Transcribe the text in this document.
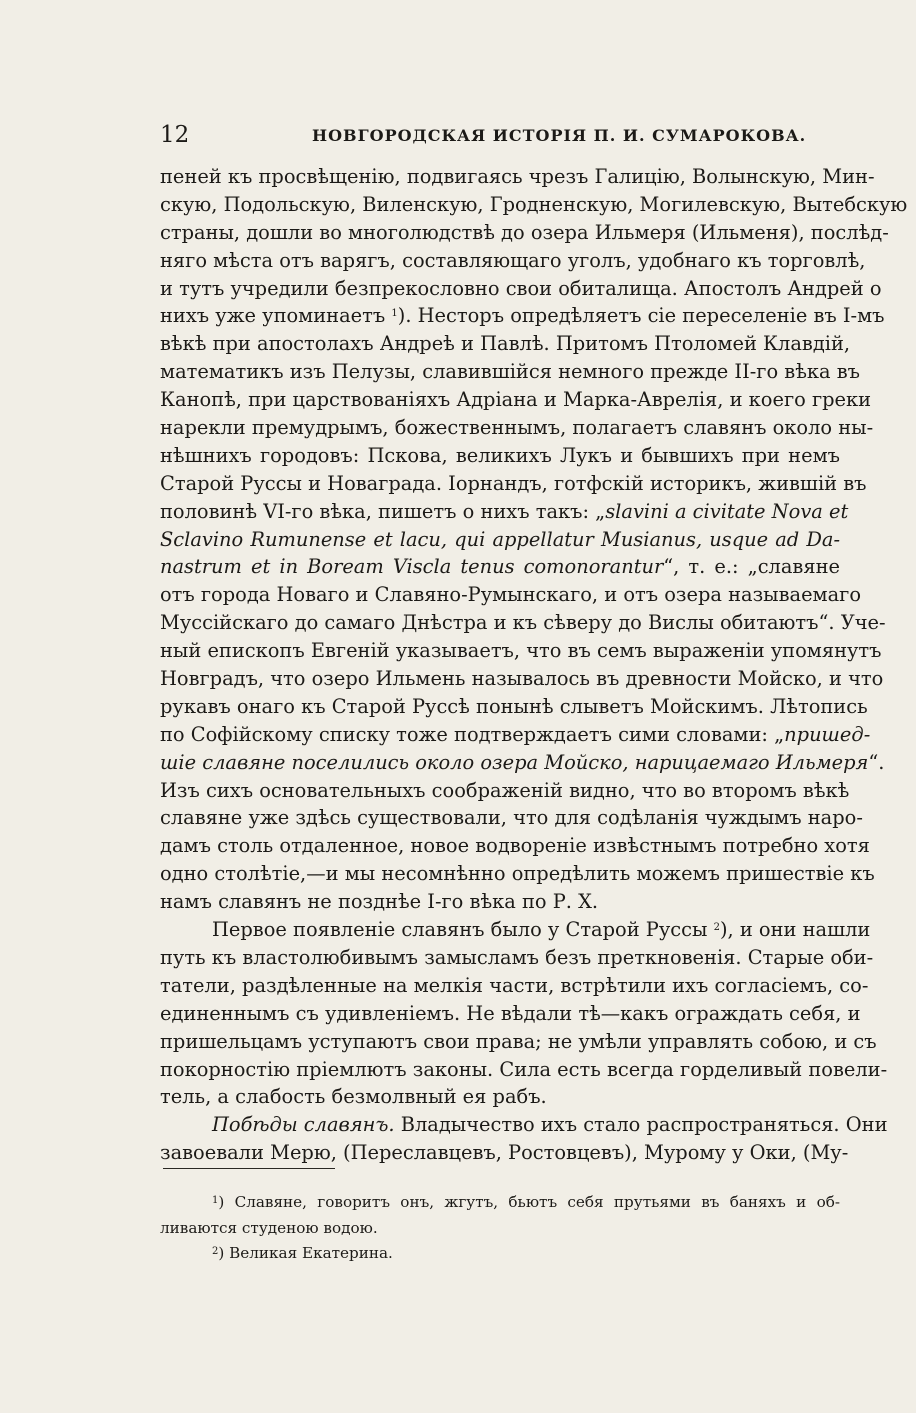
12	НОВГОРОДСКАЯ ИСТОРІЯ П. И. СУМАРОКОВА.
пеней къ просвѣщенію, подвигаясь чрезъ Галицію, Волынскую, Мин-
скую, Подольскую, Виленскую, Гродненскую, Могилевскую, Вытебскую
страны, дошли во многолюдствѣ до озера Ильмеря (Ильменя), послѣд-
няго мѣста отъ варягъ, составляющаго уголъ, удобнаго къ торговлѣ,
и тутъ учредили безпрекословно свои обиталища. Апостолъ Андрей о
нихъ уже упоминаетъ $^1$). Несторъ опредѣляетъ сіе переселеніе въ I-мъ
вѣкѣ при апостолахъ Андреѣ и Павлѣ. Притомъ Птоломей Клавдій,
математикъ изъ Пелузы, славившійся немного прежде II-го вѣка въ
Канопѣ, при царствованіяхъ Адріана и Марка-Аврелія, и коего греки
нарекли премудрымъ, божественнымъ, полагаетъ славянъ около ны-
нѣшнихъ городовъ: Пскова, великихъ Лукъ и бывшихъ при немъ
Старой Руссы и Новаграда. Іорнандъ, готфскій историкъ, жившій въ
половинѣ VI-го вѣка, пишетъ о нихъ такъ: „slavini a civitate Nova et
Sclavino Rumunense et lacu, qui appellatur Musianus, usque ad Da-
nastrum et in Boream Viscla tenus comonorantur“, т. е.: „славяне
отъ города Новаго и Славяно-Румынскаго, и отъ озера называемаго
Муссійскаго до самаго Днѣстра и къ сѣверу до Вислы обитаютъ“. Уче-
ный епископъ Евгеній указываетъ, что въ семъ выраженіи упомянутъ
Новградъ, что озеро Ильмень называлось въ древности Мойско, и что
рукавъ онаго къ Старой Руссѣ понынѣ слыветъ Мойскимъ. Лѣтопись
по Софійскому списку тоже подтверждаетъ сими словами: „пришед-
шіе славяне поселились около озера Мойско, нарицаемаго Ильмеря“.
Изъ сихъ основательныхъ соображеній видно, что во второмъ вѣкѣ
славяне уже здѣсь существовали, что для содѣланія чуждымъ наро-
дамъ столь отдаленное, новое водвореніе извѣстнымъ потребно хотя
одно столѣтіе,—и мы несомнѣнно опредѣлить можемъ пришествіе къ
намъ славянъ не позднѣе I-го вѣка по Р. Х.
Первое появленіе славянъ было у Старой Руссы $^2$), и они нашли
путь къ властолюбивымъ замысламъ безъ преткновенія. Старые оби-
татели, раздѣленные на мелкія части, встрѣтили ихъ согласіемъ, со-
единеннымъ съ удивленіемъ. Не вѣдали тѣ—какъ ограждать себя, и
пришельцамъ уступаютъ свои права; не умѣли управлять собою, и съ
покорностію пріемлютъ законы. Сила есть всегда горделивый повели-
тель, а слабость безмолвный ея рабъ.
Побѣды славянъ. Владычество ихъ стало распространяться. Они
завоевали Мерю, (Переславцевъ, Ростовцевъ), Мурому у Оки, (Му-
$^1$) Славяне, говоритъ онъ, жгутъ, бьютъ себя прутьями въ баняхъ и об-
ливаются студеною водою.
$^2$) Великая Екатерина.
